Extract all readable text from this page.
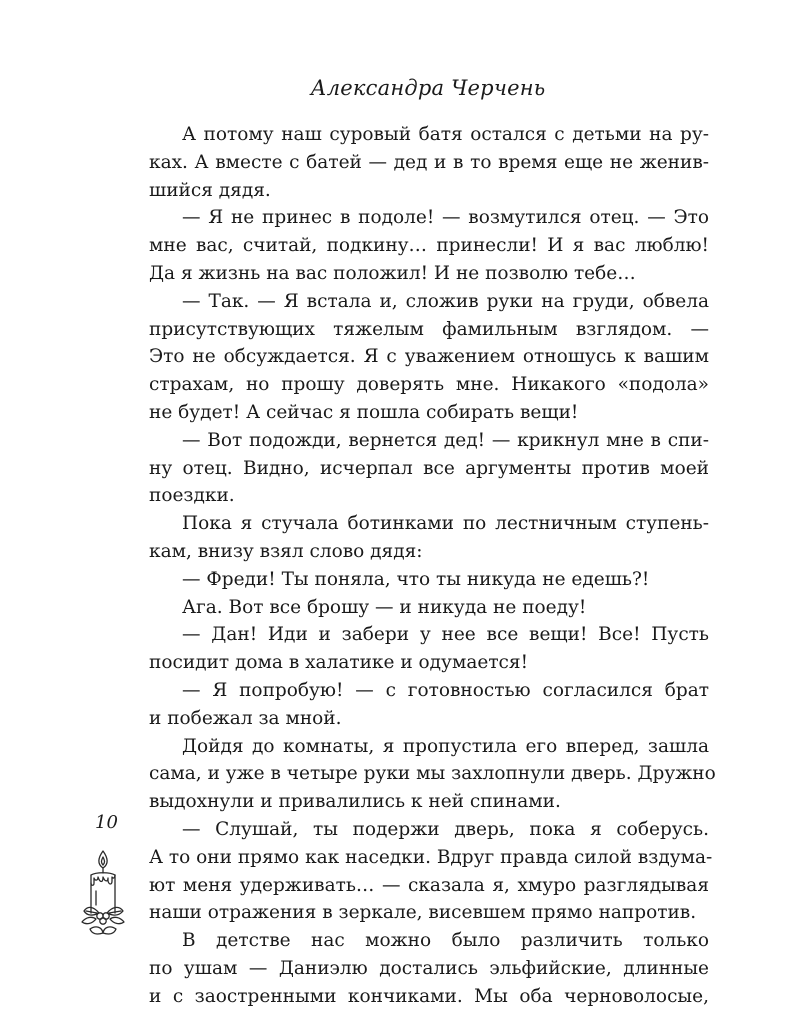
Александра Черчень
А потому наш суровый батя остался с детьми на ру-
ках. А вместе с батей — дед и в то время еще не женив-
шийся дядя.
— Я не принес в подоле! — возмутился отец. — Это
мне вас, считай, подкину… принесли! И я вас люблю!
Да я жизнь на вас положил! И не позволю тебе…
— Так. — Я встала и, сложив руки на груди, обвела
присутствующих тяжелым фамильным взглядом. —
Это не обсуждается. Я с уважением отношусь к вашим
страхам, но прошу доверять мне. Никакого «подола»
не будет! А сейчас я пошла собирать вещи!
— Вот подожди, вернется дед! — крикнул мне в спи-
ну отец. Видно, исчерпал все аргументы против моей
поездки.
Пока я стучала ботинками по лестничным ступень-
кам, внизу взял слово дядя:
— Фреди! Ты поняла, что ты никуда не едешь?!
Ага. Вот все брошу — и никуда не поеду!
— Дан! Иди и забери у нее все вещи! Все! Пусть
посидит дома в халатике и одумается!
— Я попробую! — с готовностью согласился брат
и побежал за мной.
Дойдя до комнаты, я пропустила его вперед, зашла
сама, и уже в четыре руки мы захлопнули дверь. Дружно
выдохнули и привалились к ней спинами.
— Слушай, ты подержи дверь, пока я соберусь.
А то они прямо как наседки. Вдруг правда силой вздума-
ют меня удерживать… — сказала я, хмуро разглядывая
наши отражения в зеркале, висевшем прямо напротив.
В детстве нас можно было различить только
по ушам — Даниэлю достались эльфийские, длинные
и с заостренными кончиками. Мы оба черноволосые,
10
